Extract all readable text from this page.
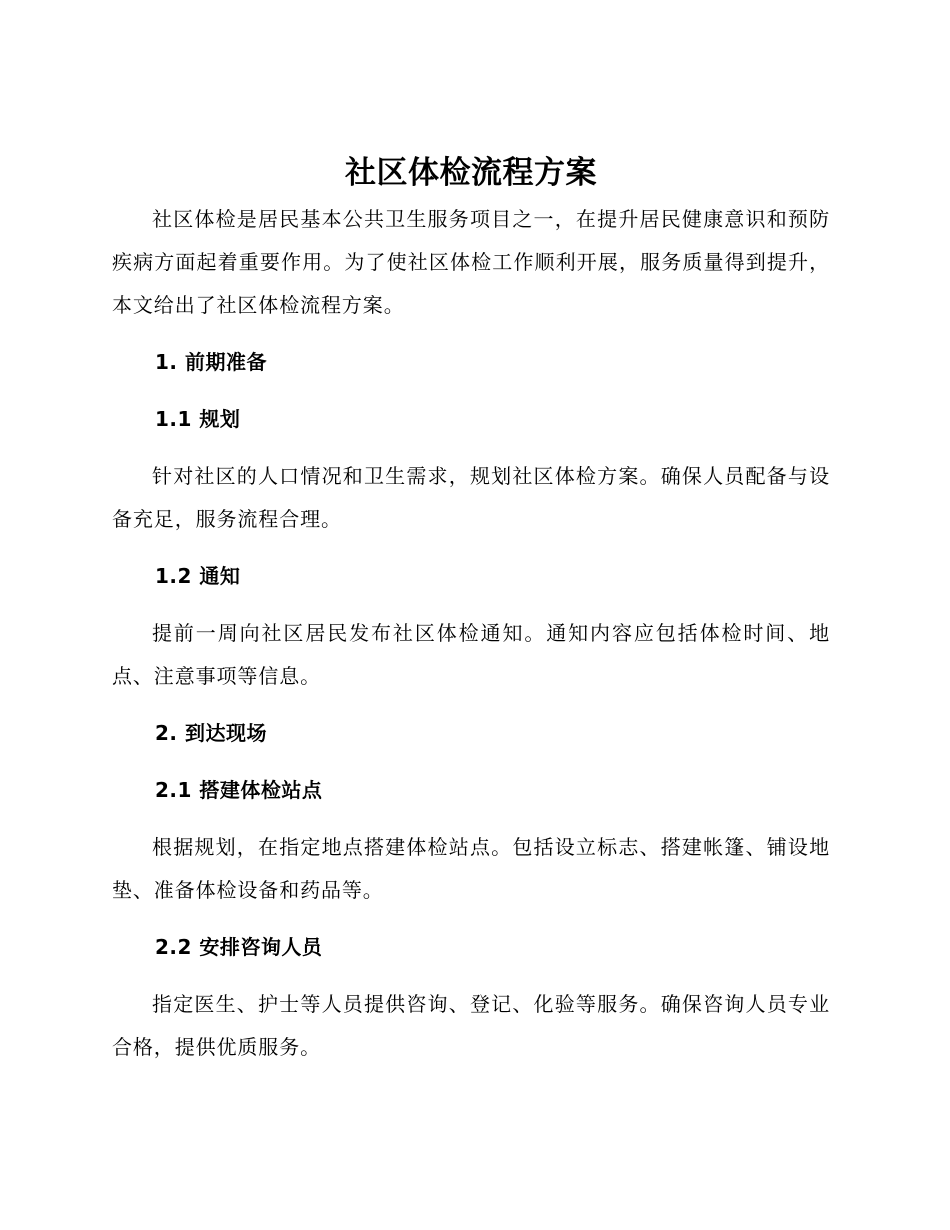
社区体检流程方案

社区体检是居民基本公共卫生服务项目之一，在提升居民健康意识和预防疾病方面起着重要作用。为了使社区体检工作顺利开展，服务质量得到提升，本文给出了社区体检流程方案。

1. 前期准备
1.1 规划

针对社区的人口情况和卫生需求，规划社区体检方案。确保人员配备与设备充足，服务流程合理。

1.2 通知

提前一周向社区居民发布社区体检通知。通知内容应包括体检时间、地点、注意事项等信息。

2. 到达现场
2.1 搭建体检站点

根据规划，在指定地点搭建体检站点。包括设立标志、搭建帐篷、铺设地垫、准备体检设备和药品等。

2.2 安排咨询人员

指定医生、护士等人员提供咨询、登记、化验等服务。确保咨询人员专业合格，提供优质服务。
